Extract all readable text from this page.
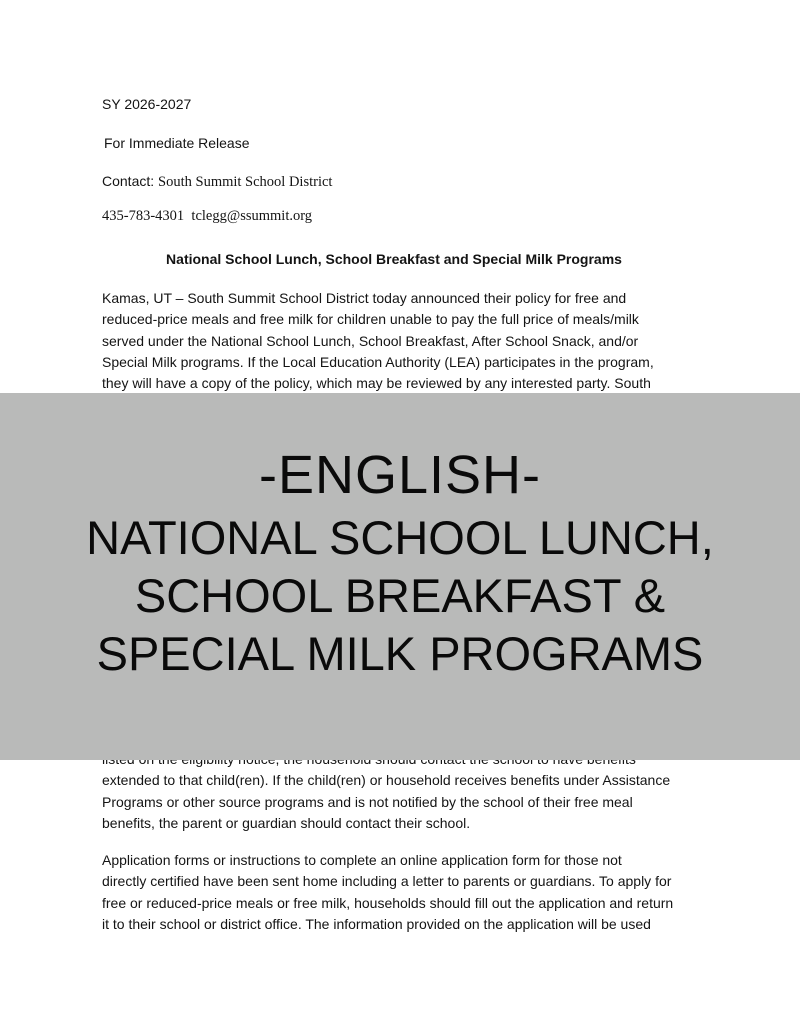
SY 2026-2027
For Immediate Release
Contact: South Summit School District
435-783-4301 tclegg@ssummit.org
National School Lunch, School Breakfast and Special Milk Programs
Kamas, UT – South Summit School District today announced their policy for free and
reduced-price meals and free milk for children unable to pay the full price of meals/milk
served under the National School Lunch, School Breakfast, After School Snack, and/or
Special Milk programs. If the Local Education Authority (LEA) participates in the program,
they will have a copy of the policy, which may be reviewed by any interested party. South
extended to that child(ren). If the child(ren) or household receives benefits under Assistance
Programs or other source programs and is not notified by the school of their free meal
benefits, the parent or guardian should contact their school.
Application forms or instructions to complete an online application form for those not
directly certified have been sent home including a letter to parents or guardians. To apply for
free or reduced-price meals or free milk, households should fill out the application and return
it to their school or district office. The information provided on the application will be used
-ENGLISH-
NATIONAL SCHOOL LUNCH,
SCHOOL BREAKFAST &
SPECIAL MILK PROGRAMS
